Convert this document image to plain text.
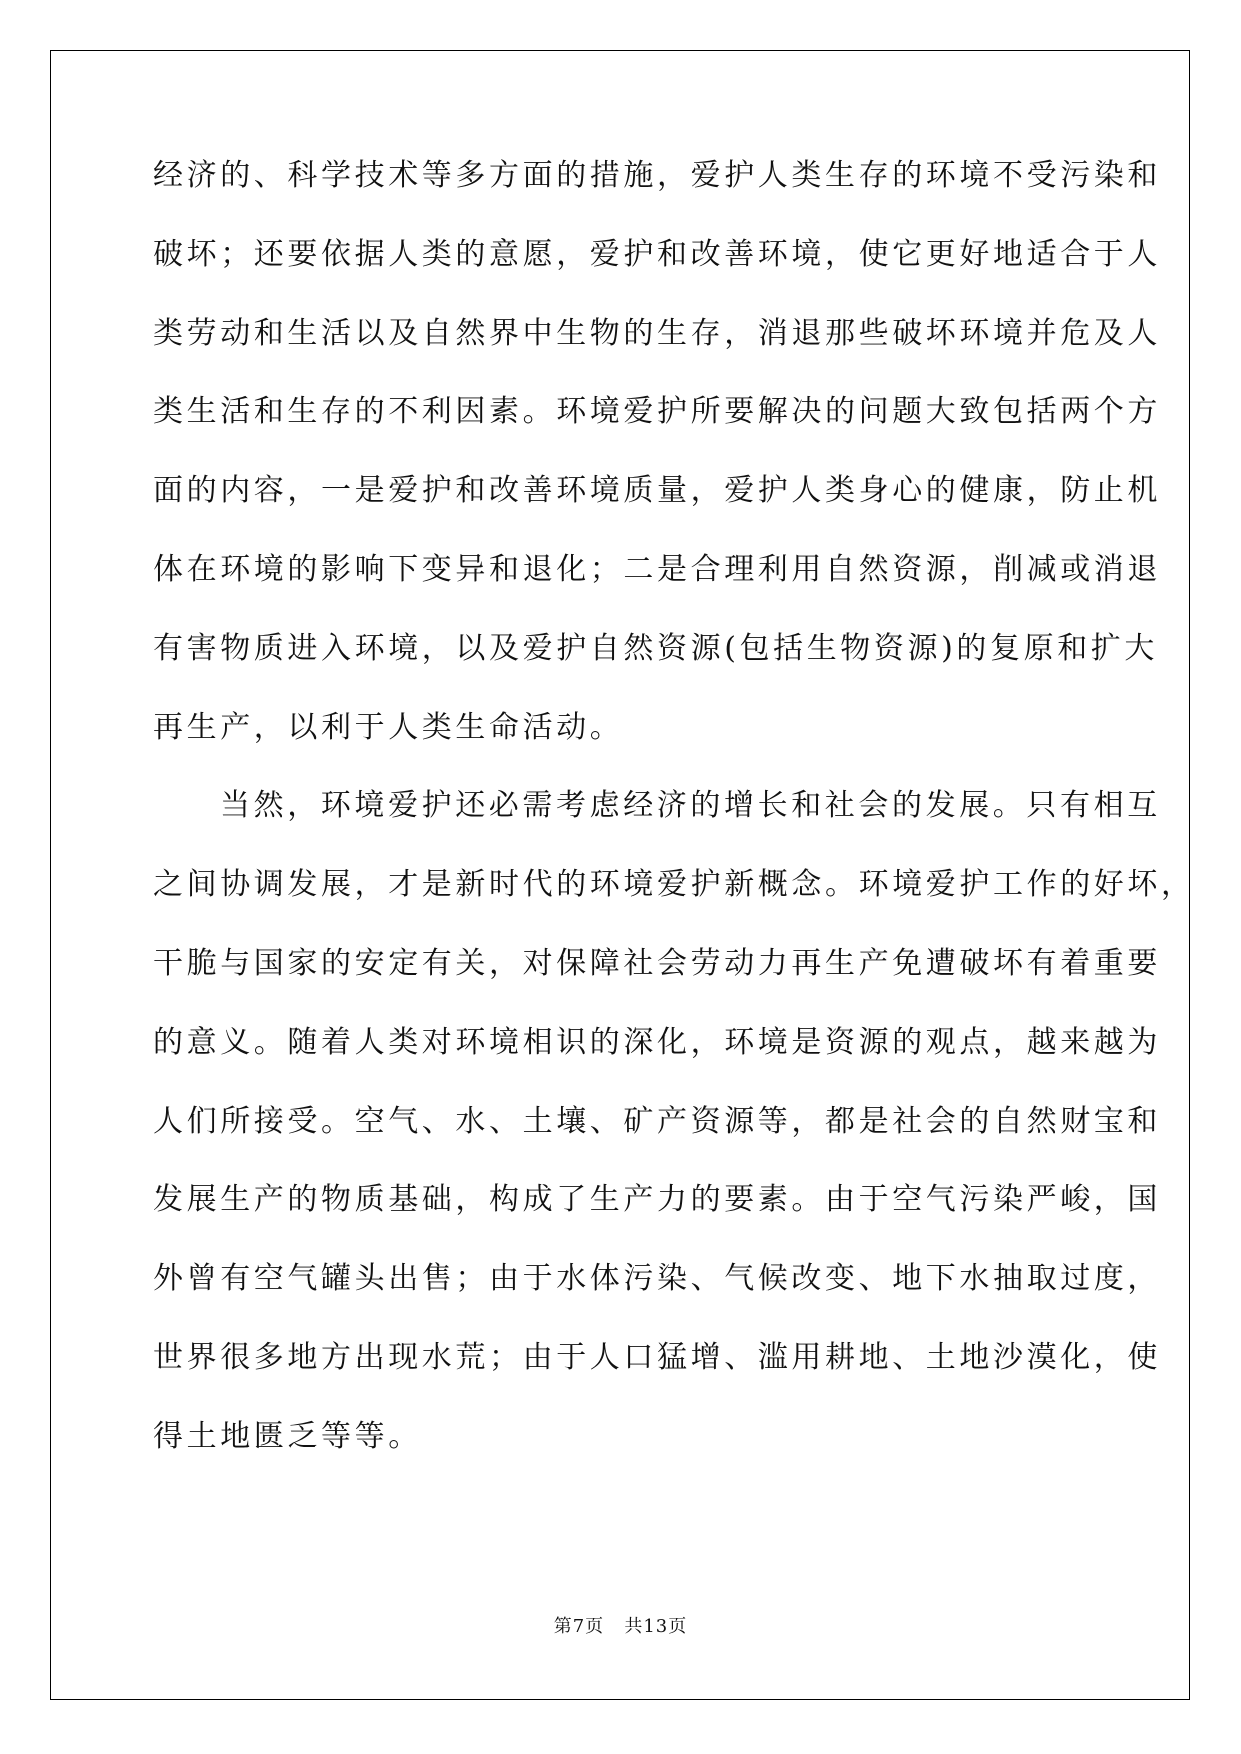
经济的、科学技术等多方面的措施，爱护人类生存的环境不受污染和
破坏；还要依据人类的意愿，爱护和改善环境，使它更好地适合于人
类劳动和生活以及自然界中生物的生存，消退那些破坏环境并危及人
类生活和生存的不利因素。环境爱护所要解决的问题大致包括两个方
面的内容，一是爱护和改善环境质量，爱护人类身心的健康，防止机
体在环境的影响下变异和退化；二是合理利用自然资源，削减或消退
有害物质进入环境，以及爱护自然资源(包括生物资源)的复原和扩大
再生产，以利于人类生命活动。
当然，环境爱护还必需考虑经济的增长和社会的发展。只有相互
之间协调发展，才是新时代的环境爱护新概念。环境爱护工作的好坏，
干脆与国家的安定有关，对保障社会劳动力再生产免遭破坏有着重要
的意义。随着人类对环境相识的深化，环境是资源的观点，越来越为
人们所接受。空气、水、土壤、矿产资源等，都是社会的自然财宝和
发展生产的物质基础，构成了生产力的要素。由于空气污染严峻，国
外曾有空气罐头出售；由于水体污染、气候改变、地下水抽取过度，
世界很多地方出现水荒；由于人口猛增、滥用耕地、土地沙漠化，使
得土地匮乏等等。
第7页 共13页
